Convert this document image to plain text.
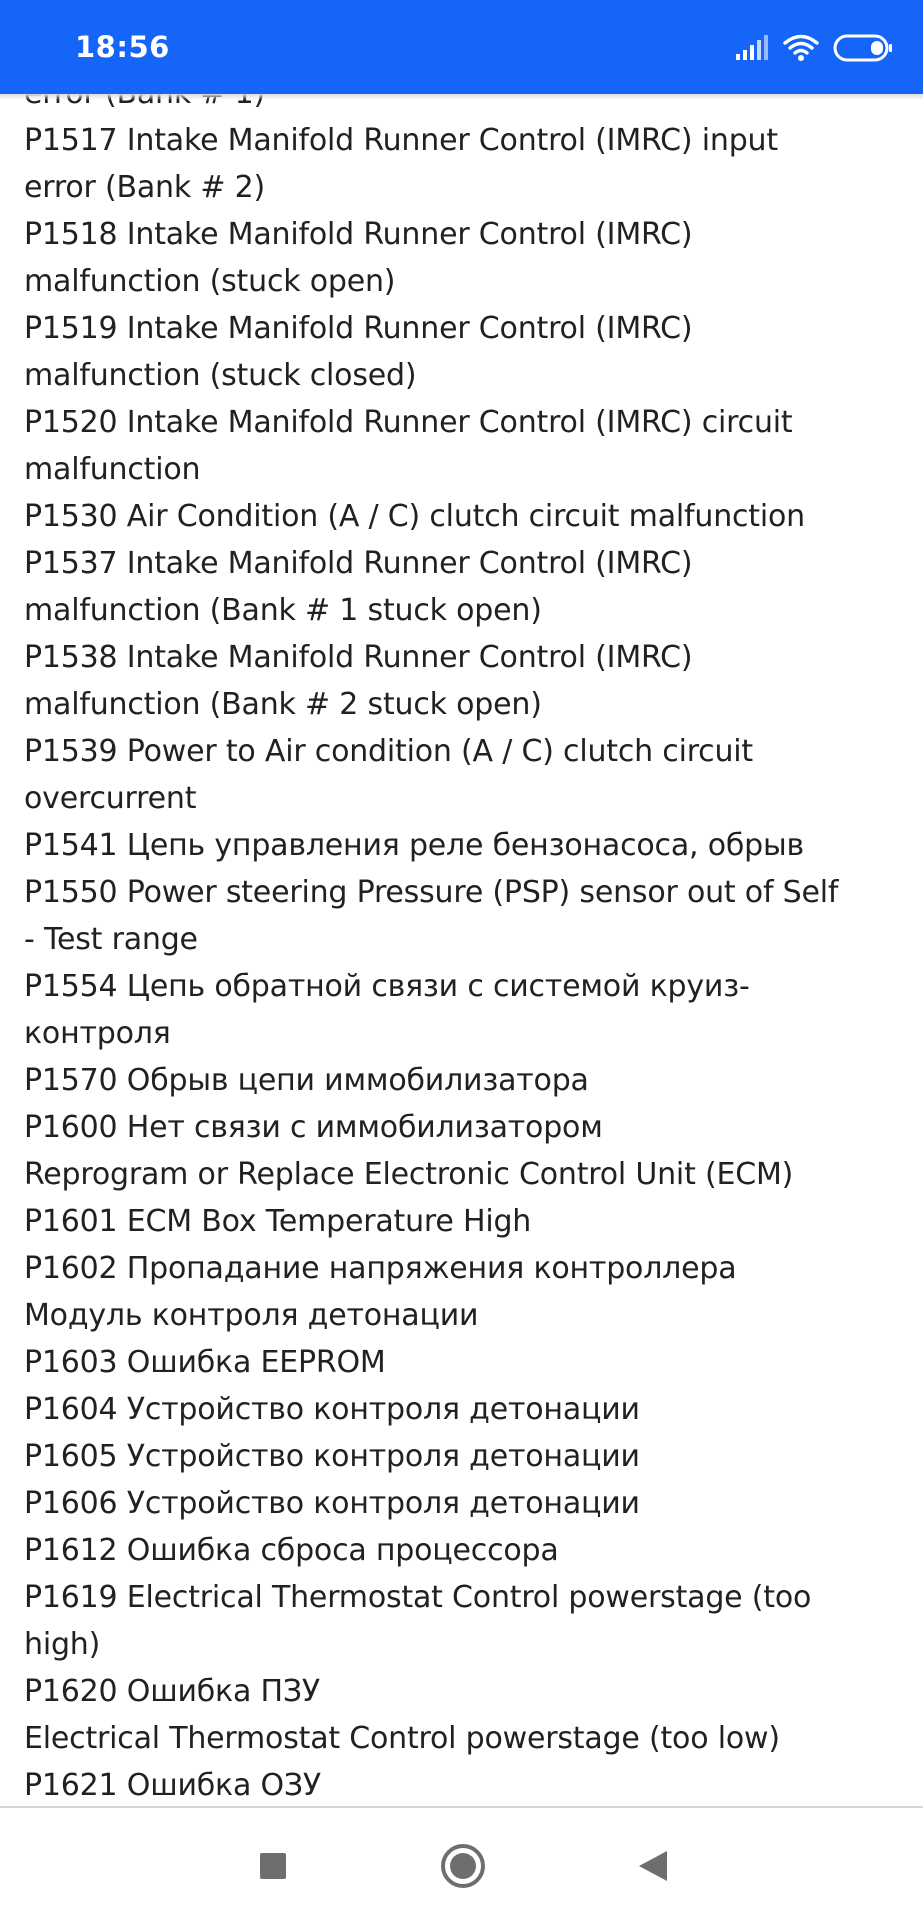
18:56
P1517 Intake Manifold Runner Control (IMRC) input
error (Bank # 2)
P1518 Intake Manifold Runner Control (IMRC)
malfunction (stuck open)
P1519 Intake Manifold Runner Control (IMRC)
malfunction (stuck closed)
P1520 Intake Manifold Runner Control (IMRC) circuit
malfunction
P1530 Air Condition (A / C) clutch circuit malfunction
P1537 Intake Manifold Runner Control (IMRC)
malfunction (Bank # 1 stuck open)
P1538 Intake Manifold Runner Control (IMRC)
malfunction (Bank # 2 stuck open)
P1539 Power to Air condition (A / C) clutch circuit
overcurrent
P1541 Цепь управления реле бензонасоса, обрыв
P1550 Power steering Pressure (PSP) sensor out of Self
- Test range
P1554 Цепь обратной связи с системой круиз-
контроля
P1570 Обрыв цепи иммобилизатора
P1600 Нет связи с иммобилизатором
Reprogram or Replace Electronic Control Unit (ECM)
P1601 ECM Box Temperature High
P1602 Пропадание напряжения контроллера
Модуль контроля детонации
P1603 Ошибка EEPROM
P1604 Устройство контроля детонации
P1605 Устройство контроля детонации
P1606 Устройство контроля детонации
P1612 Ошибка сброса процессора
P1619 Electrical Thermostat Control powerstage (too
high)
P1620 Ошибка ПЗУ
Electrical Thermostat Control powerstage (too low)
P1621 Ошибка ОЗУ
